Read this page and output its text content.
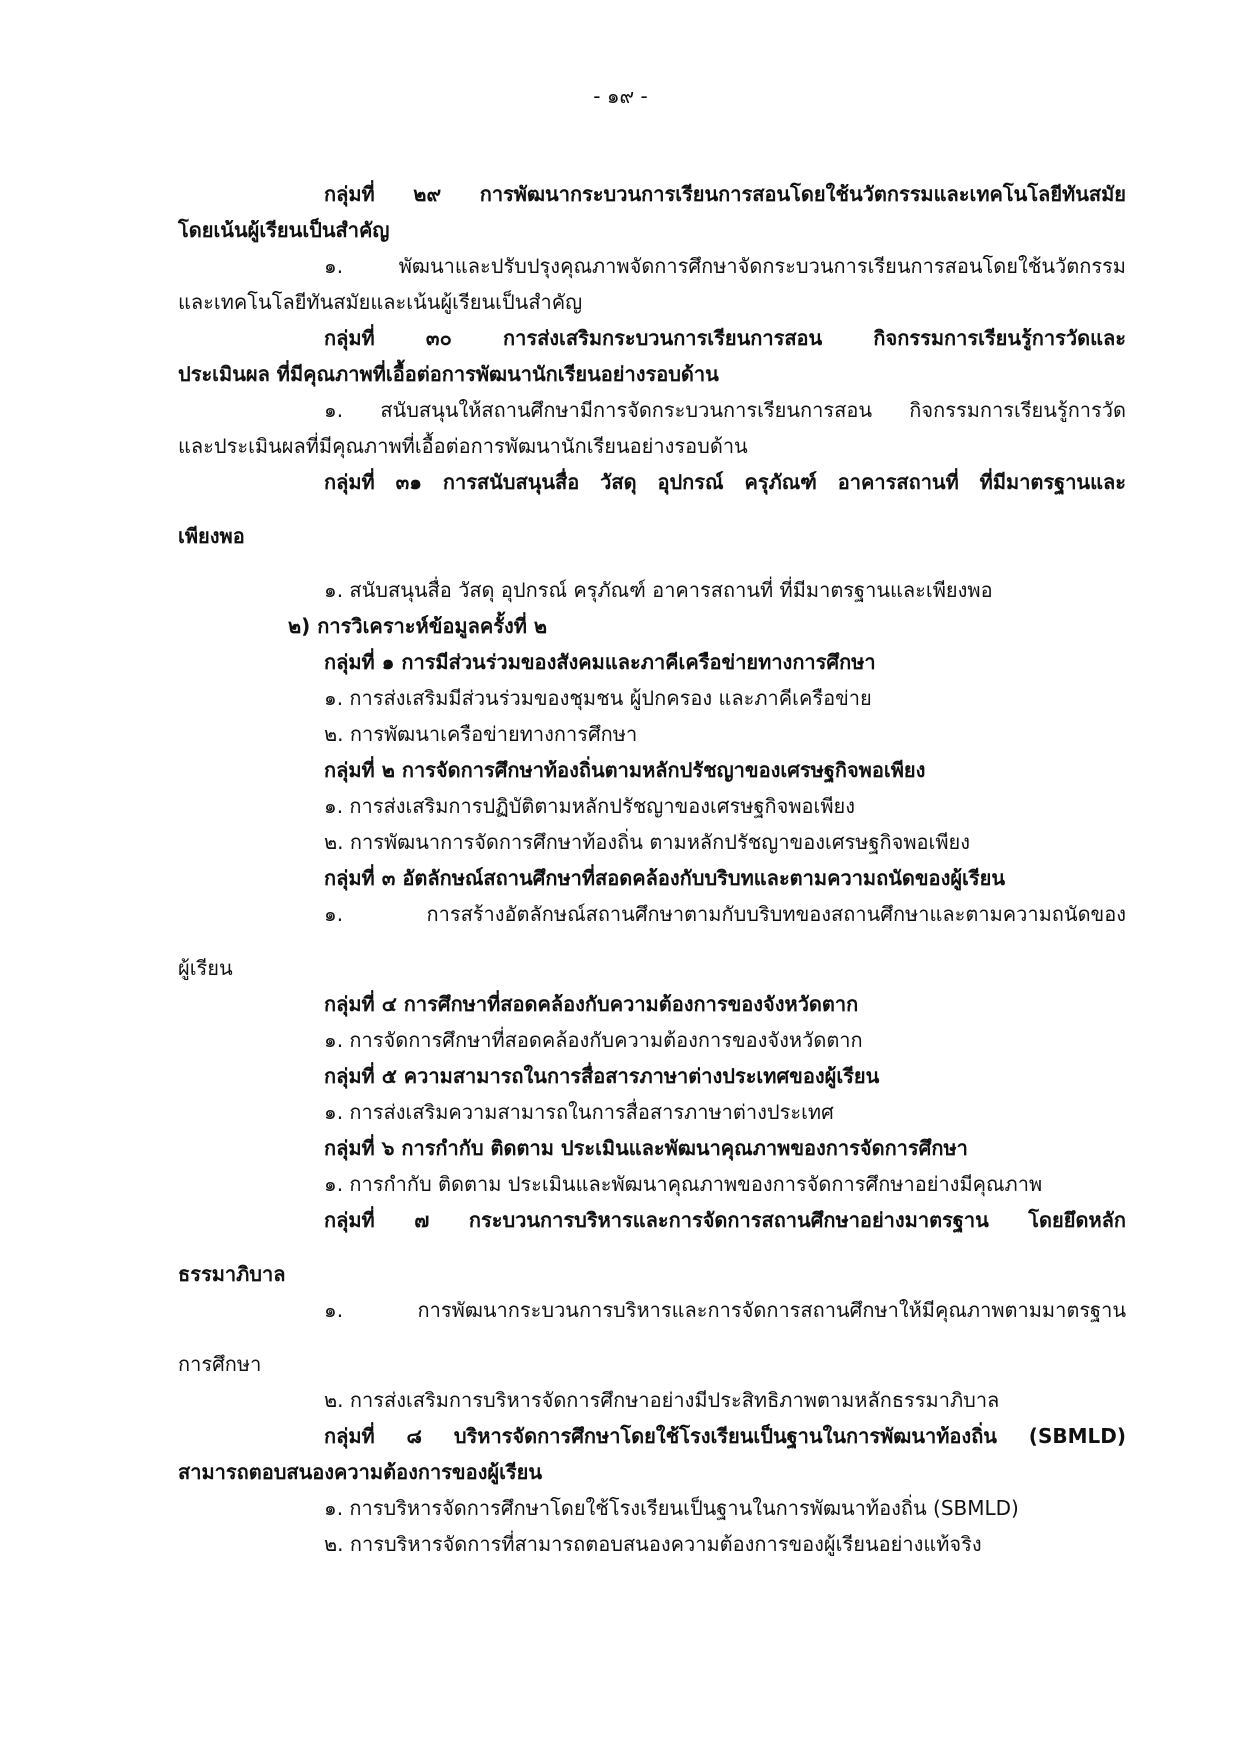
- ๑๙ -
กลุ่มที่ ๒๙ การพัฒนากระบวนการเรียนการสอนโดยใช้นวัตกรรมและเทคโนโลยีทันสมัย
โดยเน้นผู้เรียนเป็นสำคัญ
๑. พัฒนาและปรับปรุงคุณภาพจัดการศึกษาจัดกระบวนการเรียนการสอนโดยใช้นวัตกรรม
และเทคโนโลยีทันสมัยและเน้นผู้เรียนเป็นสำคัญ
กลุ่มที่ ๓๐ การส่งเสริมกระบวนการเรียนการสอน กิจกรรมการเรียนรู้การวัดและ
ประเมินผล ที่มีคุณภาพที่เอื้อต่อการพัฒนานักเรียนอย่างรอบด้าน
๑. สนับสนุนให้สถานศึกษามีการจัดกระบวนการเรียนการสอน กิจกรรมการเรียนรู้การวัด
และประเมินผลที่มีคุณภาพที่เอื้อต่อการพัฒนานักเรียนอย่างรอบด้าน
กลุ่มที่ ๓๑ การสนับสนุนสื่อ วัสดุ อุปกรณ์ ครุภัณฑ์ อาคารสถานที่ ที่มีมาตรฐานและ
เพียงพอ
๑. สนับสนุนสื่อ วัสดุ อุปกรณ์ ครุภัณฑ์ อาคารสถานที่ ที่มีมาตรฐานและเพียงพอ
๒) การวิเคราะห์ข้อมูลครั้งที่ ๒
กลุ่มที่ ๑ การมีส่วนร่วมของสังคมและภาคีเครือข่ายทางการศึกษา
๑. การส่งเสริมมีส่วนร่วมของชุมชน ผู้ปกครอง และภาคีเครือข่าย
๒. การพัฒนาเครือข่ายทางการศึกษา
กลุ่มที่ ๒ การจัดการศึกษาท้องถิ่นตามหลักปรัชญาของเศรษฐกิจพอเพียง
๑. การส่งเสริมการปฏิบัติตามหลักปรัชญาของเศรษฐกิจพอเพียง
๒. การพัฒนาการจัดการศึกษาท้องถิ่น ตามหลักปรัชญาของเศรษฐกิจพอเพียง
กลุ่มที่ ๓ อัตลักษณ์สถานศึกษาที่สอดคล้องกับบริบทและตามความถนัดของผู้เรียน
๑. การสร้างอัตลักษณ์สถานศึกษาตามกับบริบทของสถานศึกษาและตามความถนัดของ
ผู้เรียน
กลุ่มที่ ๔ การศึกษาที่สอดคล้องกับความต้องการของจังหวัดตาก
๑. การจัดการศึกษาที่สอดคล้องกับความต้องการของจังหวัดตาก
กลุ่มที่ ๕ ความสามารถในการสื่อสารภาษาต่างประเทศของผู้เรียน
๑. การส่งเสริมความสามารถในการสื่อสารภาษาต่างประเทศ
กลุ่มที่ ๖ การกำกับ ติดตาม ประเมินและพัฒนาคุณภาพของการจัดการศึกษา
๑. การกำกับ ติดตาม ประเมินและพัฒนาคุณภาพของการจัดการศึกษาอย่างมีคุณภาพ
กลุ่มที่ ๗ กระบวนการบริหารและการจัดการสถานศึกษาอย่างมาตรฐาน โดยยึดหลัก
ธรรมาภิบาล
๑. การพัฒนากระบวนการบริหารและการจัดการสถานศึกษาให้มีคุณภาพตามมาตรฐาน
การศึกษา
๒. การส่งเสริมการบริหารจัดการศึกษาอย่างมีประสิทธิภาพตามหลักธรรมาภิบาล
กลุ่มที่ ๘ บริหารจัดการศึกษาโดยใช้โรงเรียนเป็นฐานในการพัฒนาท้องถิ่น (SBMLD)
สามารถตอบสนองความต้องการของผู้เรียน
๑. การบริหารจัดการศึกษาโดยใช้โรงเรียนเป็นฐานในการพัฒนาท้องถิ่น (SBMLD)
๒. การบริหารจัดการที่สามารถตอบสนองความต้องการของผู้เรียนอย่างแท้จริง
